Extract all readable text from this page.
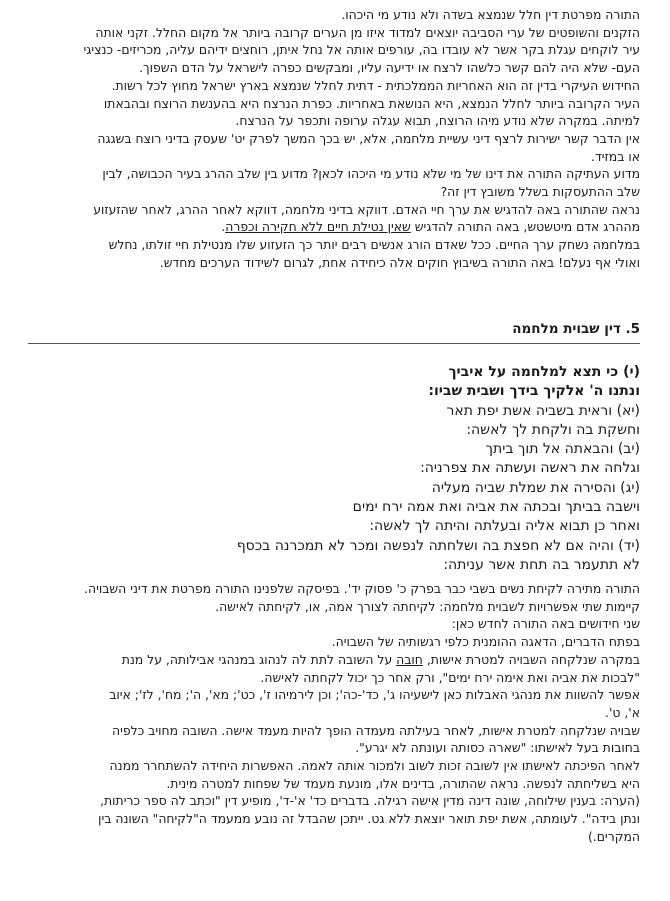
התורה מפרטת דין חלל שנמצא בשדה ולא נודע מי היכהו.

הזקנים והשופטים של ערי הסביבה יוצאים למדוד איזו מן הערים קרובה ביותר אל מקום החלל. זקני אותה

עיר לוקחים עגלת בקר אשר לא עובדו בה, עורפים אותה אל נחל איתן, רוחצים ידיהם עליה, מכריזים- כנציגי

העם- שלא היה להם קשר כלשהו לרצח או ידיעה עליו, ומבקשים כפרה לישראל על הדם השפוך.

החידוש העיקרי בדין זה הוא האחריות הממלכתית - דתית לחלל שנמצא בארץ ישראל מחוץ לכל רשות.

העיר הקרובה ביותר לחלל הנמצא, היא הנושאת באחריות. כפרת הנרצח היא בהענשת הרוצח ובהבאתו

למיתה. במקרה שלא נודע מיהו הרוצח, תבוא עגלה ערופה ותכפר על הנרצח.

אין הדבר קשר ישירות לרצף דיני עשיית מלחמה, אלא, יש בכך המשך לפרק יט' שעסק בדיני רוצח בשגגה

או במזיד.

מדוע העתיקה התורה את דינו של מי שלא נודע מי היכהו לכאן? מדוע בין שלב ההרג בעיר הכבושה, לבין

שלב ההתעסקות בשלל משובץ דין זה?

נראה שהתורה באה להדגיש את ערך חיי האדם. דווקא בדיני מלחמה, דווקא לאחר ההרג, לאחר שהזעזוע

מההרג אדם מיטשטש, באה התורה להדגיש שאין נטילת חיים ללא חקירה וכפרה.

במלחמה נשחק ערך החיים. ככל שאדם הורג אנשים רבים יותר כך הזעזוע שלו מנטילת חיי זולתו, נחלש

ואולי אף נעלם! באה התורה בשיבוץ חוקים אלה כיחידה אחת, לגרום לשידוד הערכים מחדש.

5. דין שבוית מלחמה

(י) כי תצא למלחמה על איביך

ונתנו ה' אלקיך בידך ושבית שביו:

(יא) וראית בשביה אשת יפת תאר

וחשקת בה ולקחת לך לאשה:

(יב) והבאתה אל תוך ביתך

וגלחה את ראשה ועשתה את צפרניה:

(יג) והסירה את שמלת שביה מעליה

וישבה בביתך ובכתה את אביה ואת אמה ירח ימים

ואחר כן תבוא אליה ובעלתה והיתה לך לאשה:

(יד) והיה אם לא חפצת בה ושלחתה לנפשה ומכר לא תמכרנה בכסף

לא תתעמר בה תחת אשר עניתה:

התורה מתירה לקיחת נשים בשבי כבר בפרק כ' פסוק יד'. בפיסקה שלפנינו התורה מפרטת את דיני השבויה.

קיימות שתי אפשרויות לשבוית מלחמה: לקיחתה לצורך אמה, או, לקיחתה לאישה.

שני חידושים באה התורה לחדש כאן:

בפתח הדברים, הדאגה ההומנית כלפי רגשותיה של השבויה.

במקרה שנלקחה השבויה למטרת אישות, חובה על השובה לתת לה לנהוג במנהגי אבילותה, על מנת

"לבכות את אביה ואת אימה ירח ימים", ורק אחר כך יכול לקחתה לאישה.

אפשר להשוות את מנהגי האבלות כאן לישעיהו ג', כד'-כה'; וכן לירמיהו ז', כט'; מא', ה'; מח', לז'; איוב

א', ט'.

שבויה שנלקחה למטרת אישות, לאחר בעילתה מעמדה הופך להיות מעמד אישה. השובה מחויב כלפיה

בחובות בעל לאישתו: "שארה כסותה ועונתה לא יגרע".

לאחר הפיכתה לאישתו אין לשובה זכות לשוב ולמכור אותה לאמה. האפשרות היחידה להשתחרר ממנה

היא בשליחתה לנפשה. נראה שהתורה, בדינים אלו, מונעת מעמד של שפחות למטרה מינית.

(הערה: בענין שילוחה, שונה דינה מדין אישה רגילה. בדברים כד' א'-ד', מופיע דין "וכתב לה ספר כריתות,

ונתן בידה". לעומתה, אשת יפת תואר יוצאת ללא גט. ייתכן שהבדל זה נובע ממעמד ה"לקיחה" השונה בין

המקרים.)
